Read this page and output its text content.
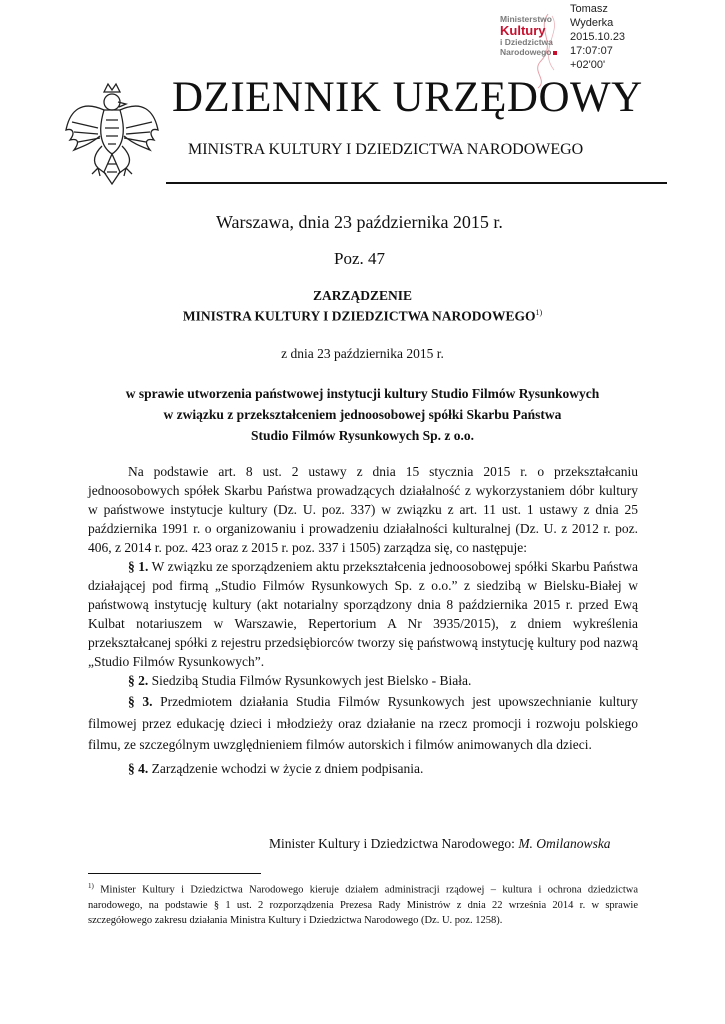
Ministerstwo
Kultury
i Dziedzictwa
Narodowego
Tomasz
Wyderka
2015.10.23
17:07:07
+02'00'
DZIENNIK URZĘDOWY
MINISTRA KULTURY I DZIEDZICTWA NARODOWEGO
Warszawa, dnia 23 października 2015 r.
Poz. 47
ZARZĄDZENIE
MINISTRA KULTURY I DZIEDZICTWA NARODOWEGO$^{1)}$
z dnia 23 października 2015 r.
w sprawie utworzenia państwowej instytucji kultury Studio Filmów Rysunkowych
w związku z przekształceniem jednoosobowej spółki Skarbu Państwa
Studio Filmów Rysunkowych Sp. z o.o.

Na podstawie art. 8 ust. 2 ustawy z dnia 15 stycznia 2015 r. o przekształcaniu jednoosobowych spółek Skarbu Państwa prowadzących działalność z wykorzystaniem dóbr kultury w państwowe instytucje kultury (Dz. U. poz. 337) w związku z art. 11 ust. 1 ustawy z dnia 25 października 1991 r. o organizowaniu i prowadzeniu działalności kulturalnej (Dz. U. z 2012 r. poz. 406, z 2014 r. poz. 423 oraz z 2015 r. poz. 337 i 1505) zarządza się, co następuje:

§ 1. W związku ze sporządzeniem aktu przekształcenia jednoosobowej spółki Skarbu Państwa działającej pod firmą „Studio Filmów Rysunkowych Sp. z o.o.” z siedzibą w Bielsku-Białej w państwową instytucję kultury (akt notarialny sporządzony dnia 8 października 2015 r. przed Ewą Kulbat notariuszem w Warszawie, Repertorium A Nr 3935/2015), z dniem wykreślenia przekształcanej spółki z rejestru przedsiębiorców tworzy się państwową instytucję kultury pod nazwą „Studio Filmów Rysunkowych”.

§ 2. Siedzibą Studia Filmów Rysunkowych jest Bielsko - Biała.

§ 3. Przedmiotem działania Studia Filmów Rysunkowych jest upowszechnianie kultury filmowej przez edukację dzieci i młodzieży oraz działanie na rzecz promocji i rozwoju polskiego filmu, ze szczególnym uwzględnieniem filmów autorskich i filmów animowanych dla dzieci.

§ 4. Zarządzenie wchodzi w życie z dniem podpisania.

Minister Kultury i Dziedzictwa Narodowego: M. Omilanowska
$^{1)}$ Minister Kultury i Dziedzictwa Narodowego kieruje działem administracji rządowej – kultura i ochrona dziedzictwa narodowego, na podstawie § 1 ust. 2 rozporządzenia Prezesa Rady Ministrów z dnia 22 września 2014 r. w sprawie szczegółowego zakresu działania Ministra Kultury i Dziedzictwa Narodowego (Dz. U. poz. 1258).
